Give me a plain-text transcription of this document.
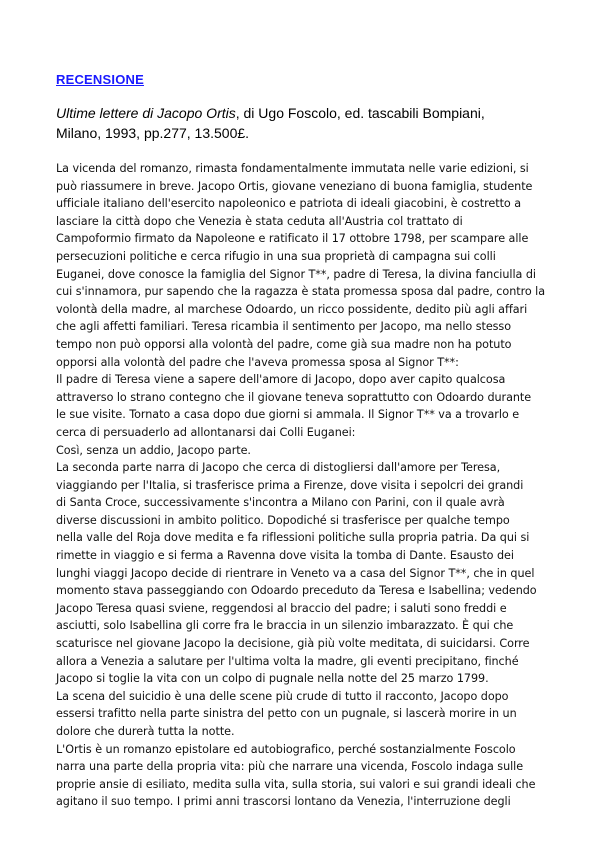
RECENSIONE
Ultime lettere di Jacopo Ortis, di Ugo Foscolo, ed. tascabili Bompiani,
Milano, 1993, pp.277, 13.500£.
La vicenda del romanzo, rimasta fondamentalmente immutata nelle varie edizioni, si
può riassumere in breve. Jacopo Ortis, giovane veneziano di buona famiglia, studente
ufficiale italiano dell'esercito napoleonico e patriota di ideali giacobini, è costretto a
lasciare la città dopo che Venezia è stata ceduta all'Austria col trattato di
Campoformio firmato da Napoleone e ratificato il 17 ottobre 1798, per scampare alle
persecuzioni politiche e cerca rifugio in una sua proprietà di campagna sui colli
Euganei, dove conosce la famiglia del Signor T**, padre di Teresa, la divina fanciulla di
cui s'innamora, pur sapendo che la ragazza è stata promessa sposa dal padre, contro la
volontà della madre, al marchese Odoardo, un ricco possidente, dedito più agli affari
che agli affetti familiari. Teresa ricambia il sentimento per Jacopo, ma nello stesso
tempo non può opporsi alla volontà del padre, come già sua madre non ha potuto
opporsi alla volontà del padre che l'aveva promessa sposa al Signor T**:
Il padre di Teresa viene a sapere dell'amore di Jacopo, dopo aver capito qualcosa
attraverso lo strano contegno che il giovane teneva soprattutto con Odoardo durante
le sue visite. Tornato a casa dopo due giorni si ammala. Il Signor T** va a trovarlo e
cerca di persuaderlo ad allontanarsi dai Colli Euganei:
Così, senza un addio, Jacopo parte.
La seconda parte narra di Jacopo che cerca di distogliersi dall'amore per Teresa,
viaggiando per l'Italia, si trasferisce prima a Firenze, dove visita i sepolcri dei grandi
di Santa Croce, successivamente s'incontra a Milano con Parini, con il quale avrà
diverse discussioni in ambito politico. Dopodiché si trasferisce per qualche tempo
nella valle del Roja dove medita e fa riflessioni politiche sulla propria patria. Da qui si
rimette in viaggio e si ferma a Ravenna dove visita la tomba di Dante. Esausto dei
lunghi viaggi Jacopo decide di rientrare in Veneto va a casa del Signor T**, che in quel
momento stava passeggiando con Odoardo preceduto da Teresa e Isabellina; vedendo
Jacopo Teresa quasi sviene, reggendosi al braccio del padre; i saluti sono freddi e
asciutti, solo Isabellina gli corre fra le braccia in un silenzio imbarazzato. È qui che
scaturisce nel giovane Jacopo la decisione, già più volte meditata, di suicidarsi. Corre
allora a Venezia a salutare per l'ultima volta la madre, gli eventi precipitano, finché
Jacopo si toglie la vita con un colpo di pugnale nella notte del 25 marzo 1799.
La scena del suicidio è una delle scene più crude di tutto il racconto, Jacopo dopo
essersi trafitto nella parte sinistra del petto con un pugnale, si lascerà morire in un
dolore che durerà tutta la notte.
L'Ortis è un romanzo epistolare ed autobiografico, perché sostanzialmente Foscolo
narra una parte della propria vita: più che narrare una vicenda, Foscolo indaga sulle
proprie ansie di esiliato, medita sulla vita, sulla storia, sui valori e sui grandi ideali che
agitano il suo tempo. I primi anni trascorsi lontano da Venezia, l'interruzione degli
